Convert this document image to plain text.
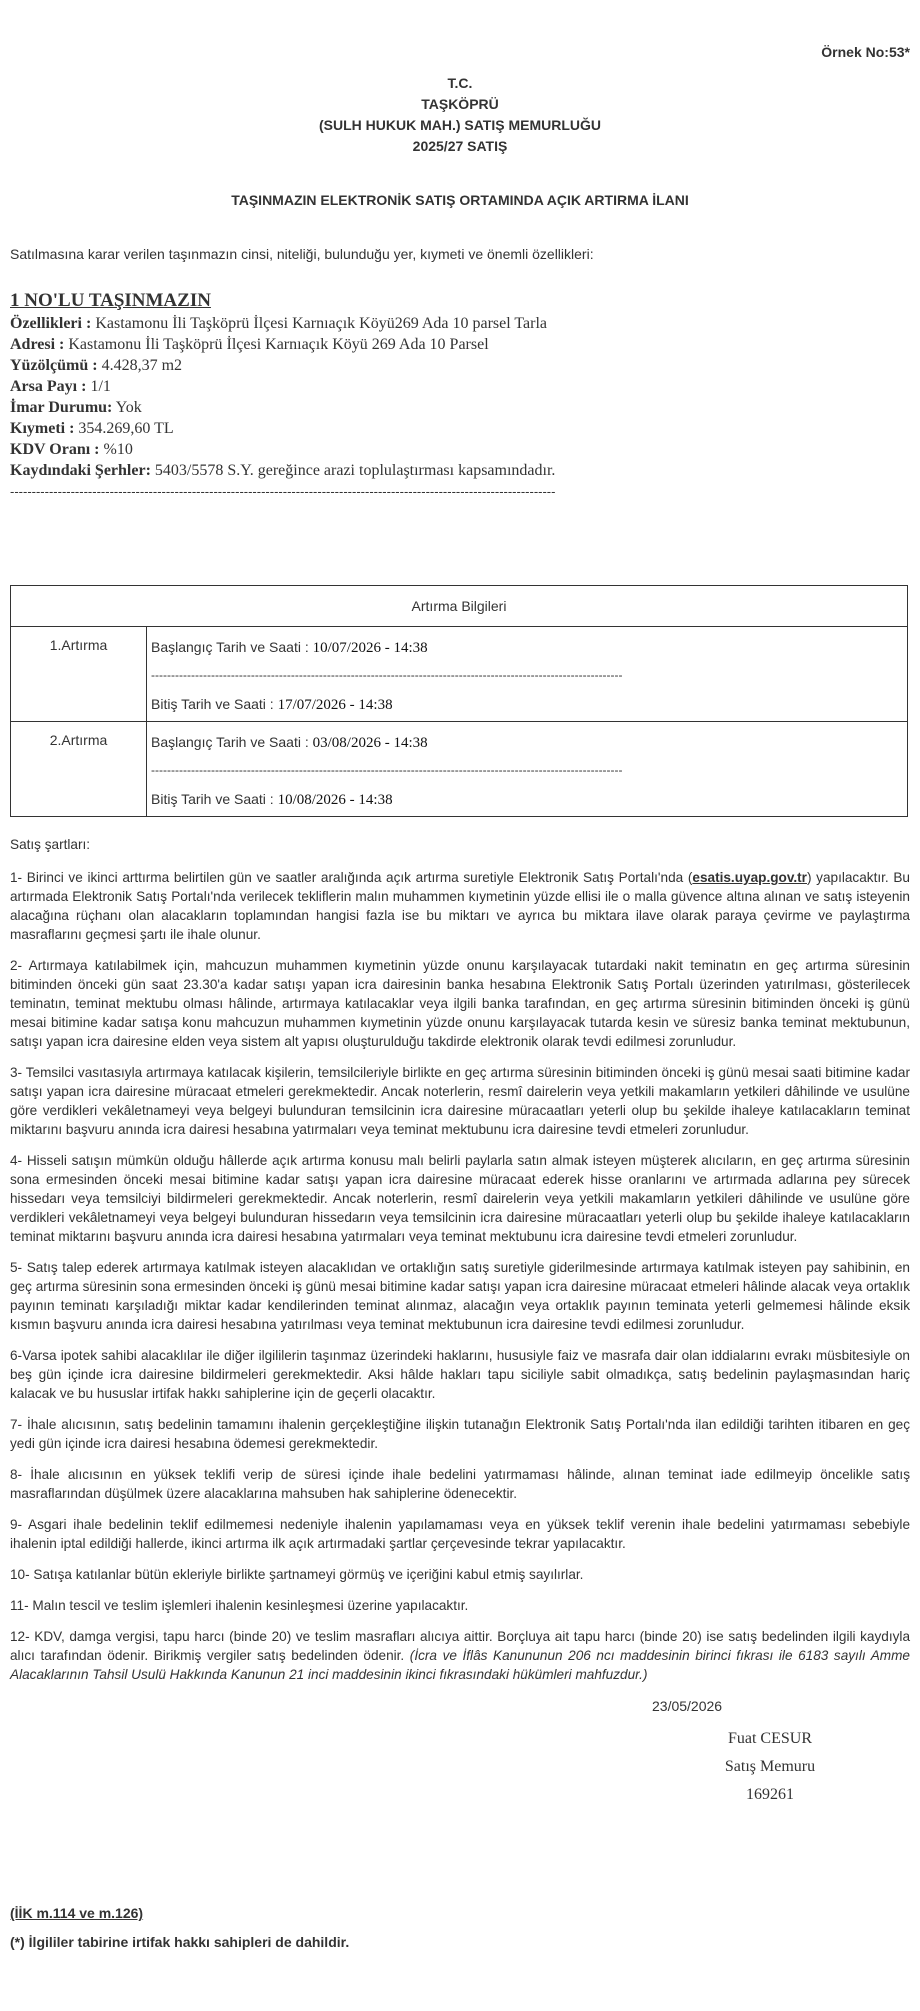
Örnek No:53*
T.C.
TAŞKÖPRÜ
(SULH HUKUK MAH.) SATIŞ MEMURLUĞU
2025/27 SATIŞ
TAŞINMAZIN ELEKTRONİK SATIŞ ORTAMINDA AÇIK ARTIRMA İLANI
Satılmasına karar verilen taşınmazın cinsi, niteliği, bulunduğu yer, kıymeti ve önemli özellikleri:
1 NO'LU TAŞINMAZIN
Özellikleri : Kastamonu İli Taşköprü İlçesi Karnıaçık Köyü269 Ada 10 parsel Tarla
Adresi : Kastamonu İli Taşköprü İlçesi Karnıaçık Köyü 269 Ada 10 Parsel
Yüzölçümü : 4.428,37 m2
Arsa Payı : 1/1
İmar Durumu: Yok
Kıymeti : 354.269,60 TL
KDV Oranı : %10
Kaydındaki Şerhler: 5403/5578 S.Y. gereğince arazi toplulaştırması kapsamındadır.
------------------------------------------------------------------------------------------------------------------------------
Artırma Bilgileri	
1.Artırma	Başlangıç Tarih ve Saati : 10/07/2026 - 14:38
----------------------------------------------------------------------------------------------------------------------
Bitiş Tarih ve Saati : 17/07/2026 - 14:38

2.Artırma	Başlangıç Tarih ve Saati : 03/08/2026 - 14:38
----------------------------------------------------------------------------------------------------------------------
Bitiş Tarih ve Saati : 10/08/2026 - 14:38

Satış şartları:

1- Birinci ve ikinci arttırma belirtilen gün ve saatler aralığında açık artırma suretiyle Elektronik Satış Portalı'nda (esatis.uyap.gov.tr) yapılacaktır. Bu artırmada Elektronik Satış Portalı'nda verilecek tekliflerin malın muhammen kıymetinin yüzde ellisi ile o malla güvence altına alınan ve satış isteyenin alacağına rüçhanı olan alacakların toplamından hangisi fazla ise bu miktarı ve ayrıca bu miktara ilave olarak paraya çevirme ve paylaştırma masraflarını geçmesi şartı ile ihale olunur.

2- Artırmaya katılabilmek için, mahcuzun muhammen kıymetinin yüzde onunu karşılayacak tutardaki nakit teminatın en geç artırma süresinin bitiminden önceki gün saat 23.30'a kadar satışı yapan icra dairesinin banka hesabına Elektronik Satış Portalı üzerinden yatırılması, gösterilecek teminatın, teminat mektubu olması hâlinde, artırmaya katılacaklar veya ilgili banka tarafından, en geç artırma süresinin bitiminden önceki iş günü mesai bitimine kadar satışa konu mahcuzun muhammen kıymetinin yüzde onunu karşılayacak tutarda kesin ve süresiz banka teminat mektubunun, satışı yapan icra dairesine elden veya sistem alt yapısı oluşturulduğu takdirde elektronik olarak tevdi edilmesi zorunludur.

3- Temsilci vasıtasıyla artırmaya katılacak kişilerin, temsilcileriyle birlikte en geç artırma süresinin bitiminden önceki iş günü mesai saati bitimine kadar satışı yapan icra dairesine müracaat etmeleri gerekmektedir. Ancak noterlerin, resmî dairelerin veya yetkili makamların yetkileri dâhilinde ve usulüne göre verdikleri vekâletnameyi veya belgeyi bulunduran temsilcinin icra dairesine müracaatları yeterli olup bu şekilde ihaleye katılacakların teminat miktarını başvuru anında icra dairesi hesabına yatırmaları veya teminat mektubunu icra dairesine tevdi etmeleri zorunludur.

4- Hisseli satışın mümkün olduğu hâllerde açık artırma konusu malı belirli paylarla satın almak isteyen müşterek alıcıların, en geç artırma süresinin sona ermesinden önceki mesai bitimine kadar satışı yapan icra dairesine müracaat ederek hisse oranlarını ve artırmada adlarına pey sürecek hissedarı veya temsilciyi bildirmeleri gerekmektedir. Ancak noterlerin, resmî dairelerin veya yetkili makamların yetkileri dâhilinde ve usulüne göre verdikleri vekâletnameyi veya belgeyi bulunduran hissedarın veya temsilcinin icra dairesine müracaatları yeterli olup bu şekilde ihaleye katılacakların teminat miktarını başvuru anında icra dairesi hesabına yatırmaları veya teminat mektubunu icra dairesine tevdi etmeleri zorunludur.

5- Satış talep ederek artırmaya katılmak isteyen alacaklıdan ve ortaklığın satış suretiyle giderilmesinde artırmaya katılmak isteyen pay sahibinin, en geç artırma süresinin sona ermesinden önceki iş günü mesai bitimine kadar satışı yapan icra dairesine müracaat etmeleri hâlinde alacak veya ortaklık payının teminatı karşıladığı miktar kadar kendilerinden teminat alınmaz, alacağın veya ortaklık payının teminata yeterli gelmemesi hâlinde eksik kısmın başvuru anında icra dairesi hesabına yatırılması veya teminat mektubunun icra dairesine tevdi edilmesi zorunludur.

6-Varsa ipotek sahibi alacaklılar ile diğer ilgililerin taşınmaz üzerindeki haklarını, hususiyle faiz ve masrafa dair olan iddialarını evrakı müsbitesiyle on beş gün içinde icra dairesine bildirmeleri gerekmektedir. Aksi hâlde hakları tapu siciliyle sabit olmadıkça, satış bedelinin paylaşmasından hariç kalacak ve bu hususlar irtifak hakkı sahiplerine için de geçerli olacaktır.

7- İhale alıcısının, satış bedelinin tamamını ihalenin gerçekleştiğine ilişkin tutanağın Elektronik Satış Portalı'nda ilan edildiği tarihten itibaren en geç yedi gün içinde icra dairesi hesabına ödemesi gerekmektedir.

8- İhale alıcısının en yüksek teklifi verip de süresi içinde ihale bedelini yatırmaması hâlinde, alınan teminat iade edilmeyip öncelikle satış masraflarından düşülmek üzere alacaklarına mahsuben hak sahiplerine ödenecektir.

9- Asgari ihale bedelinin teklif edilmemesi nedeniyle ihalenin yapılamaması veya en yüksek teklif verenin ihale bedelini yatırmaması sebebiyle ihalenin iptal edildiği hallerde, ikinci artırma ilk açık artırmadaki şartlar çerçevesinde tekrar yapılacaktır.

10- Satışa katılanlar bütün ekleriyle birlikte şartnameyi görmüş ve içeriğini kabul etmiş sayılırlar.

11- Malın tescil ve teslim işlemleri ihalenin kesinleşmesi üzerine yapılacaktır.

12- KDV, damga vergisi, tapu harcı (binde 20) ve teslim masrafları alıcıya aittir. Borçluya ait tapu harcı (binde 20) ise satış bedelinden ilgili kaydıyla alıcı tarafından ödenir. Birikmiş vergiler satış bedelinden ödenir. (İcra ve İflâs Kanununun 206 ncı maddesinin birinci fıkrası ile 6183 sayılı Amme Alacaklarının Tahsil Usulü Hakkında Kanunun 21 inci maddesinin ikinci fıkrasındaki hükümleri mahfuzdur.)

23/05/2026
Fuat CESUR
Satış Memuru
169261
(İİK m.114 ve m.126)
(*) İlgililer tabirine irtifak hakkı sahipleri de dahildir.
